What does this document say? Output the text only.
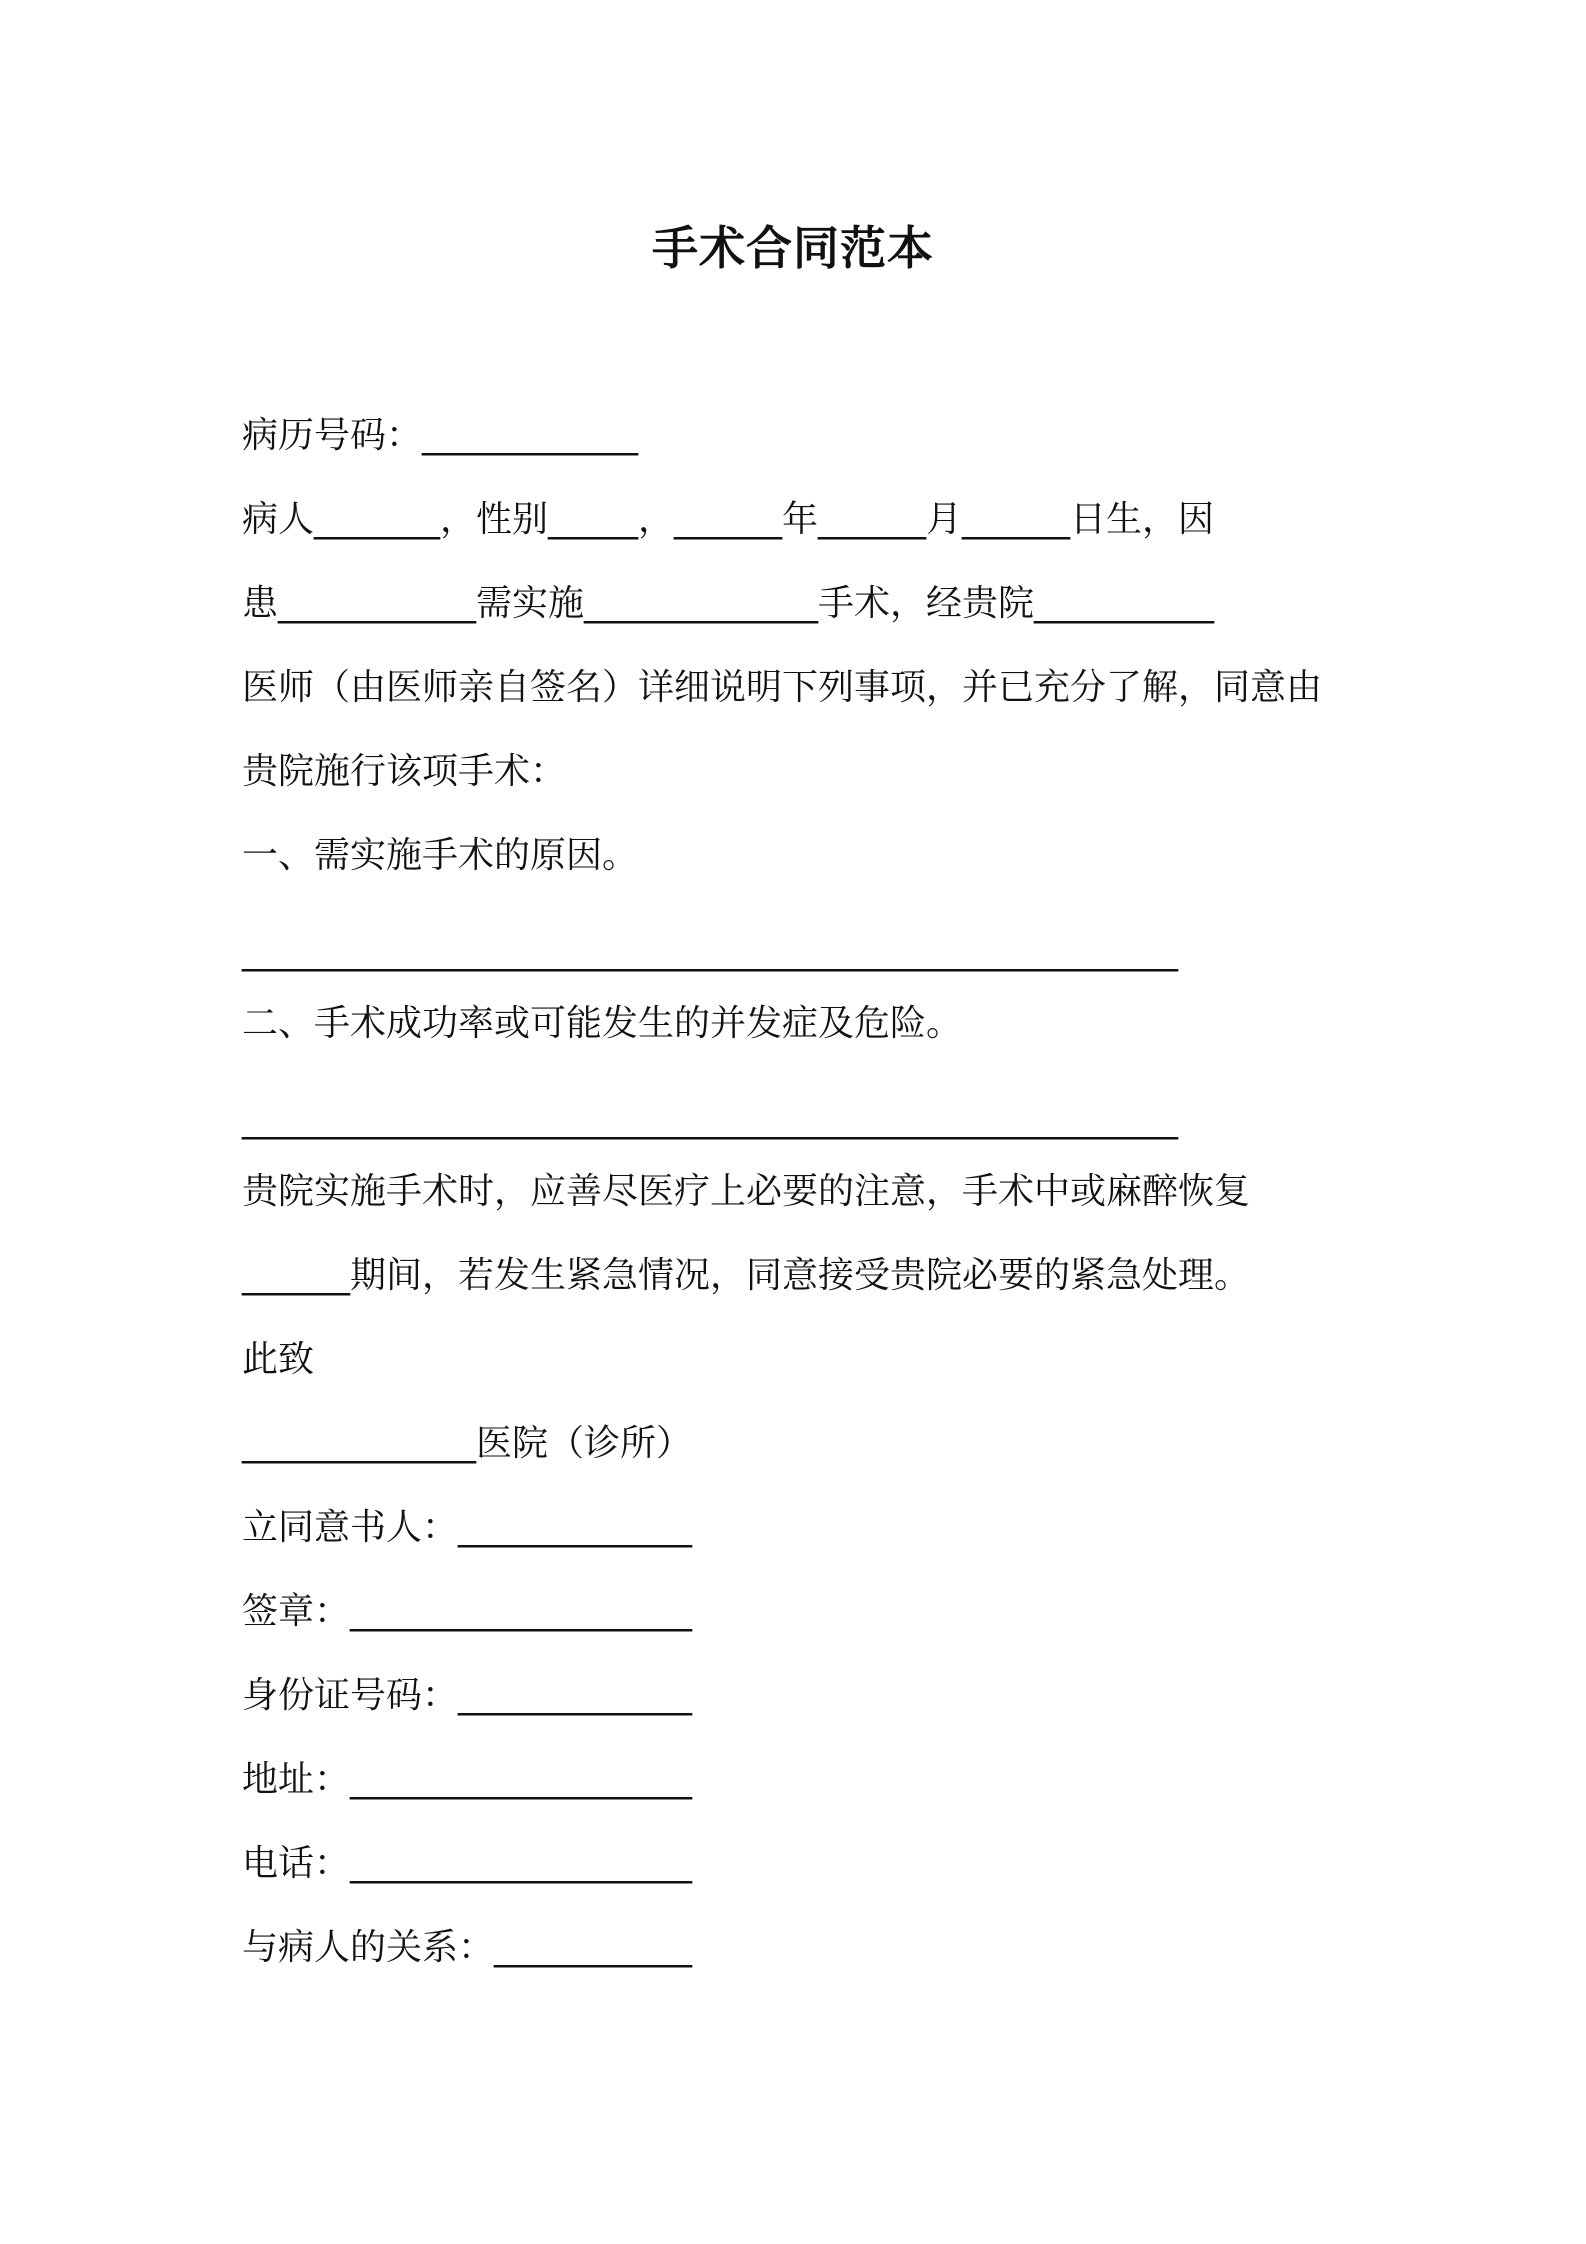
手术合同范本

病历号码：____________

病人_______，性别_____，______年______月______日生，因

患___________需实施_____________手术，经贵院__________

医师（由医师亲自签名）详细说明下列事项，并已充分了解，同意由

贵院施行该项手术：

一、需实施手术的原因。

____________________________________________________

二、手术成功率或可能发生的并发症及危险。

____________________________________________________

贵院实施手术时，应善尽医疗上必要的注意，手术中或麻醉恢复

______期间，若发生紧急情况，同意接受贵院必要的紧急处理。

此致

_____________医院（诊所）

立同意书人：_____________

签章：___________________

身份证号码：_____________

地址：___________________

电话：___________________

与病人的关系：___________
